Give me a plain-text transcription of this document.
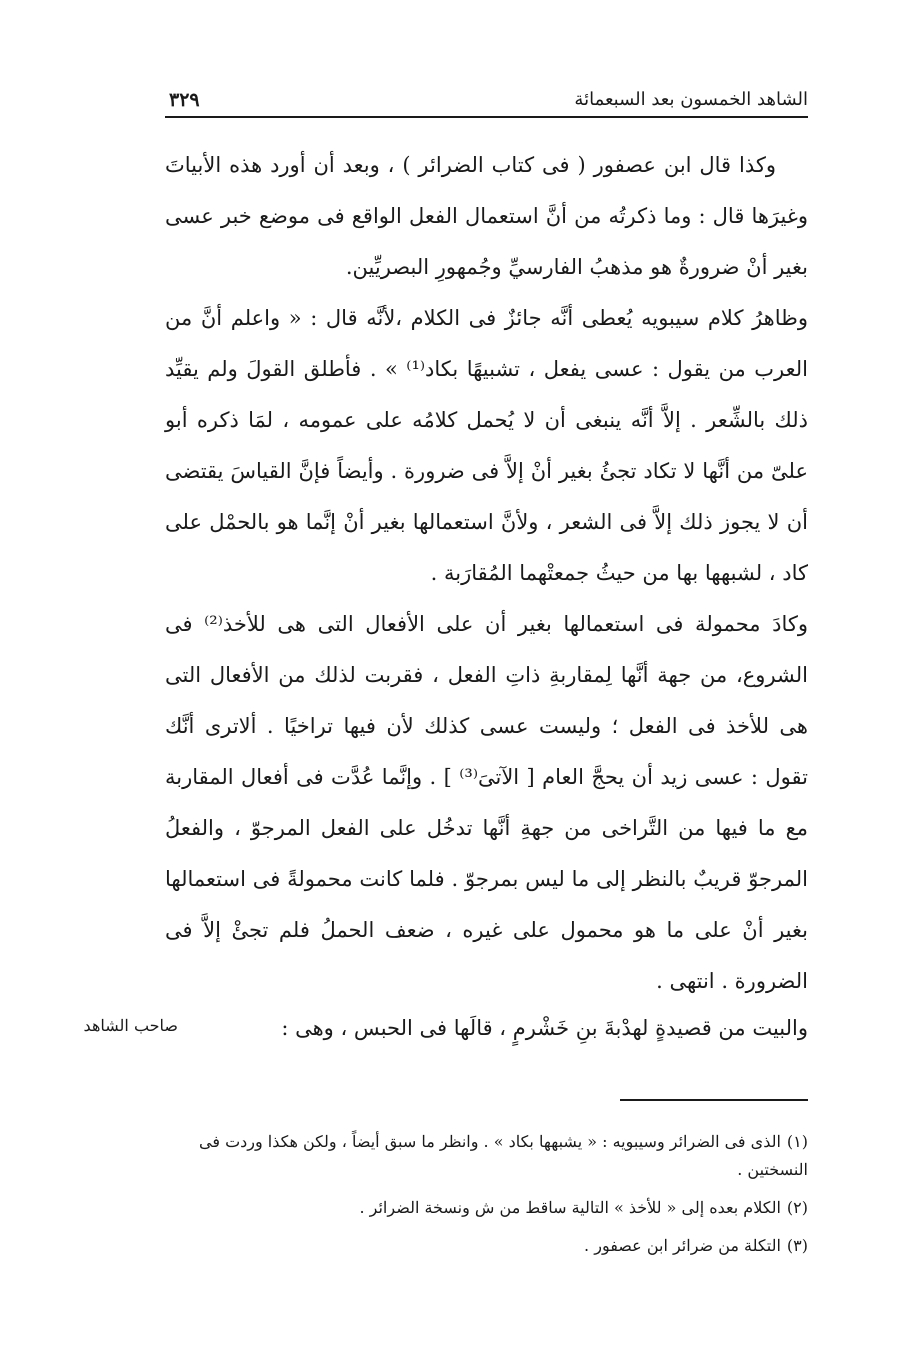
الشاهد الخمسون بعد السبعمائة
٣٢٩

وكذا قال ابن عصفور ( فى كتاب الضرائر ) ، وبعد أن أورد هذه الأبياتَ وغيرَها قال : وما ذكرتُه من أنَّ استعمال الفعل الواقع فى موضع خبر عسى بغير أنْ ضرورةٌ هو مذهبُ الفارسيِّ وجُمهورِ البصريِّين.

وظاهرُ كلام سيبويه يُعطى أنَّه جائزٌ فى الكلام ،لأنَّه قال : « واعلم أنَّ من العرب من يقول : عسى يفعل ، تشبيهًا بكاد⁽¹⁾ » . فأطلق القولَ ولم يقيِّد ذلك بالشِّعر . إلاَّ أنَّه ينبغى أن لا يُحمل كلامُه على عمومه ، لمَا ذكره أبو علىّ من أنَّها لا تكاد تجئُ بغير أنْ إلاَّ فى ضرورة . وأيضاً فإنَّ القياسَ يقتضى أن لا يجوز ذلك إلاَّ فى الشعر ، ولأنَّ استعمالها بغير أنْ إنَّما هو بالحمْل على كاد ، لشبهها بها من حيثُ جمعتْهما المُقارَبة .

وكادَ محمولة فى استعمالها بغير أن على الأفعال التى هى للأخذ⁽²⁾ فى الشروع، من جهة أنَّها لِمقاربةِ ذاتِ الفعل ، فقربت لذلك من الأفعال التى هى للأخذ فى الفعل ؛ وليست عسى كذلك لأن فيها تراخيًا . ألاترى أنَّك تقول : عسى زيد أن يحجَّ العام [ الآتىَ⁽³⁾ ] . وإنَّما عُدَّت فى أفعال المقاربة مع ما فيها من التَّراخى من جهةِ أنَّها تدخُل على الفعل المرجوّ ، والفعلُ المرجوّ قريبٌ بالنظر إلى ما ليس بمرجوّ . فلما كانت محمولةً فى استعمالها بغير أنْ على ما هو محمول على غيره ، ضعف الحملُ فلم تجئْ إلاَّ فى الضرورة . انتهى .

والبيت من قصيدةٍ لهدْبةَ بنِ خَشْرمٍ ، قالَها فى الحبس ، وهى :

صاحب الشاهد
(١)الذى فى الضرائر وسيبويه : « يشبهها بكاد » . وانظر ما سبق أيضاً ، ولكن هكذا وردت فى النسختين .
(٢)الكلام بعده إلى « للأخذ » التالية ساقط من ش ونسخة الضرائر .
(٣)التكلة من ضرائر ابن عصفور .
